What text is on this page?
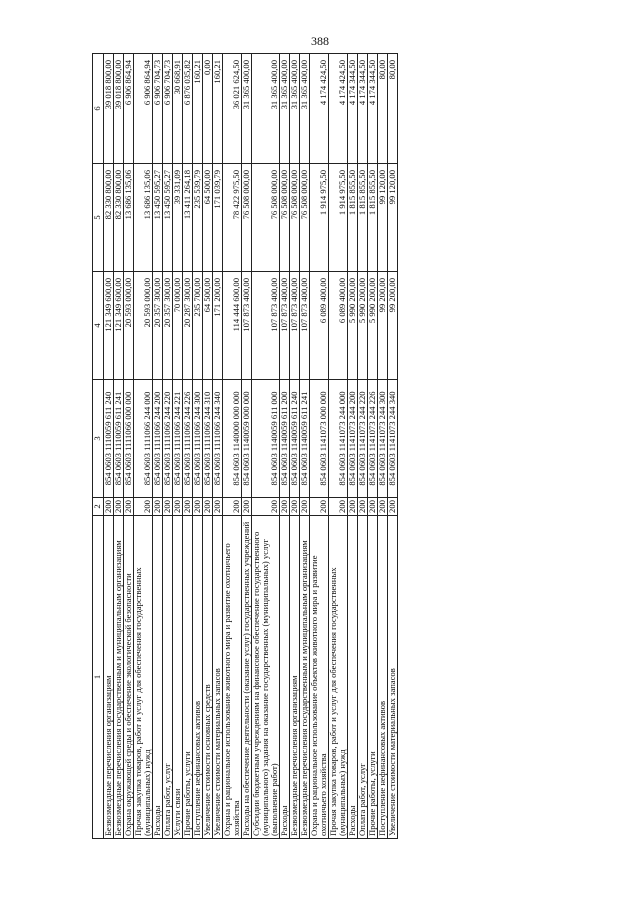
388
1	2	3	4	5	6
Безвозмездные перечисления организациям	200	854 0603 1110059 611 240	121 349 600,00	82 330 800,00	39 018 800,00
Безвозмездные перечисления государственным и муниципальным организациям	200	854 0603 1110059 611 241	121 349 600,00	82 330 800,00	39 018 800,00
Охрана окружающей среды и обеспечение экологической безопасности	200	854 0603 1111066 000 000	20 593 000,00	13 686 135,06	6 906 864,94
Прочая закупка товаров, работ и услуг для обеспечения государственных (муниципальных) нужд	200	854 0603 1111066 244 000	20 593 000,00	13 686 135,06	6 906 864,94
Расходы	200	854 0603 1111066 244 200	20 357 300,00	13 450 595,27	6 906 704,73
Оплата работ, услуг	200	854 0603 1111066 244 220	20 357 300,00	13 450 595,27	6 906 704,73
Услуги связи	200	854 0603 1111066 244 221	70 000,00	39 331,09	30 668,91
Прочие работы, услуги	200	854 0603 1111066 244 226	20 287 300,00	13 411 264,18	6 876 035,82
Поступление нефинансовых активов	200	854 0603 1111066 244 300	235 700,00	235 539,79	160,21
Увеличение стоимости основных средств	200	854 0603 1111066 244 310	64 500,00	64 500,00	0,00
Увеличение стоимости материальных запасов	200	854 0603 1111066 244 340	171 200,00	171 039,79	160,21
Охрана и рациональное использование животного мира и развитие охотничьего хозяйства	200	854 0603 1140000 000 000	114 444 600,00	78 422 975,50	36 021 624,50
Расходы на обеспечение деятельности (оказание услуг) государственных учреждений	200	854 0603 1140059 000 000	107 873 400,00	76 508 000,00	31 365 400,00
Субсидии бюджетным учреждениям на финансовое обеспечение государственного (муниципального) задания на оказание государственных (муниципальных) услуг (выполнение работ)	200	854 0603 1140059 611 000	107 873 400,00	76 508 000,00	31 365 400,00
Расходы	200	854 0603 1140059 611 200	107 873 400,00	76 508 000,00	31 365 400,00
Безвозмездные перечисления организациям	200	854 0603 1140059 611 240	107 873 400,00	76 508 000,00	31 365 400,00
Безвозмездные перечисления государственным и муниципальным организациям	200	854 0603 1140059 611 241	107 873 400,00	76 508 000,00	31 365 400,00
Охрана и рациональное использование объектов животного мира и развитие охотничьего хозяйства	200	854 0603 1141073 000 000	6 089 400,00	1 914 975,50	4 174 424,50
Прочая закупка товаров, работ и услуг для обеспечения государственных (муниципальных) нужд	200	854 0603 1141073 244 000	6 089 400,00	1 914 975,50	4 174 424,50
Расходы	200	854 0603 1141073 244 200	5 990 200,00	1 815 855,50	4 174 344,50
Оплата работ, услуг	200	854 0603 1141073 244 220	5 990 200,00	1 815 855,50	4 174 344,50
Прочие работы, услуги	200	854 0603 1141073 244 226	5 990 200,00	1 815 855,50	4 174 344,50
Поступление нефинансовых активов	200	854 0603 1141073 244 300	99 200,00	99 120,00	80,00
Увеличение стоимости материальных запасов	200	854 0603 1141073 244 340	99 200,00	99 120,00	80,00
